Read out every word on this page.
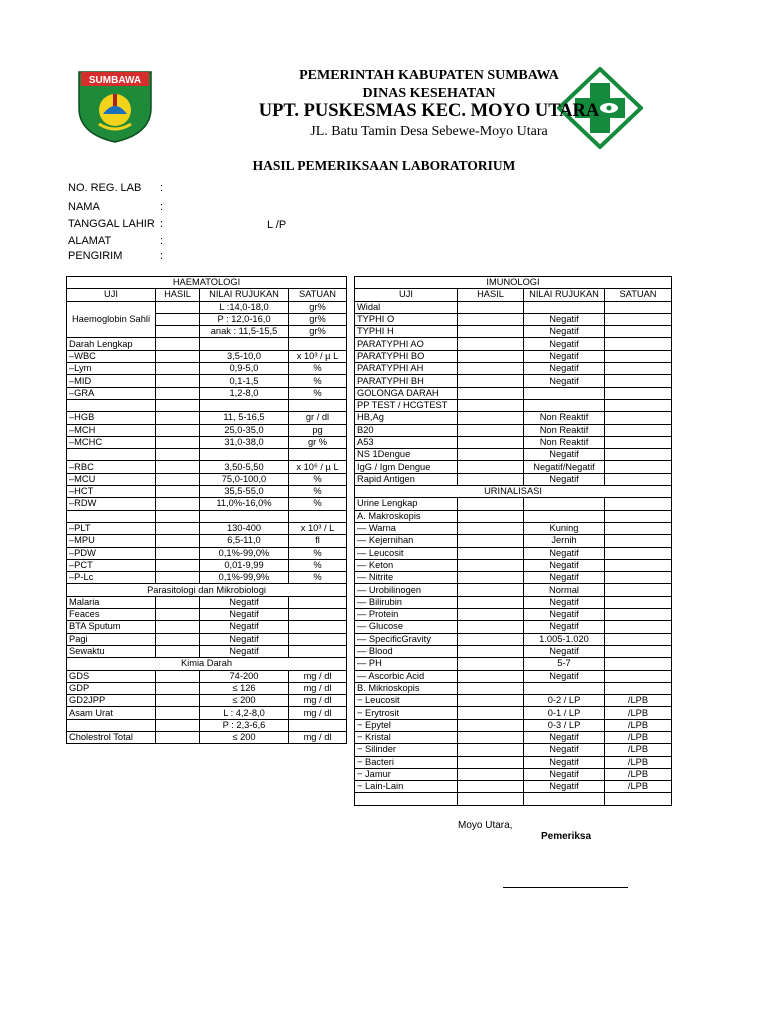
SUMBAWA	PEMERINTAH KABUPATEN SUMBAWA
DINAS KESEHATAN
UPT. PUSKESMAS KEC. MOYO UTARA
JL. Batu Tamin Desa Sebewe-Moyo Utara
HASIL PEMERIKSAAN LABORATORIUM
NO. REG. LAB :
NAMA	:
TANGGAL LAHIR :
ALAMAT	:
PENGIRIM	:
L /P
HAEMATOLOGI			
UJI	HASIL	NILAI RUJUKAN	SATUAN
Haemoglobin Sahli		L :14,0-18,0	gr%
		P : 12,0-16,0	gr%
		anak : 11,5-15,5	gr%
Darah Lengkap			
–WBC		3,5-10,0	x 10³ / µ L
–Lym		0,9-5,0	%
–MID		0,1-1,5	%
–GRA		1,2-8,0	%

–HGB		11, 5-16,5	gr / dl
–MCH		25,0-35,0	pg
–MCHC		31,0-38,0	gr %

–RBC		3,50-5,50	x 10⁶ / µ L
–MCU		75,0-100,0	%
–HCT		35,5-55,0	%
–RDW		11,0%-16,0%	%

–PLT		130-400	x 10³ / L
–MPU		6,5-11,0	fl
–PDW		0,1%-99,0%	%
–PCT		0,01-9,99	%
–P-Lc		0,1%-99,9%	%
Parasitologi dan Mikrobiologi			
Malaria		Negatif	
Feaces		Negatif	
BTA Sputum		Negatif	
Pagi		Negatif	
Sewaktu		Negatif	
Kimia Darah			
GDS		74-200	mg / dl
GDP		≤ 126	mg / dl
GD2JPP		≤ 200	mg / dl
Asam Urat		L : 4,2-8,0	mg / dl
		P : 2,3-6,6	
Cholestrol Total		≤ 200	mg / dl
IMUNOLOGI			
UJI	HASIL	NILAI RUJUKAN	SATUAN
Widal			
TYPHI O		Negatif	
TYPHI H		Negatif	
PARATYPHI AO		Negatif	
PARATYPHI BO		Negatif	
PARATYPHI AH		Negatif	
PARATYPHI BH		Negatif	
GOLONGA DARAH			
PP TEST / HCGTEST			
HB,Ag		Non Reaktif	
B20		Non Reaktif	
A53		Non Reaktif	
NS 1Dengue		Negatif	
IgG / Igm Dengue		Negatif/Negatif	
Rapid Antigen		Negatif	
URINALISASI			
Urine Lengkap			
A. Makroskopis			
— Warna		Kuning	
— Kejernihan		Jernih	
— Leucosit		Negatif	
— Keton		Negatif	
— Nitrite		Negatif	
— Urobilinogen		Normal	
— Bilirubin		Negatif	
— Protein		Negatif	
— Glucose		Negatif	
— SpecificGravity		1.005-1.020	
— Blood		Negatif	
— PH		5-7	
— Ascorbic Acid		Negatif	
B. Mikrioskopis			
− Leucosit		0-2 / LP	/LPB
− Erytrosit		0-1 / LP	/LPB
− Epytel		0-3 / LP	/LPB
− Kristal		Negatif	/LPB
− Silinder		Negatif	/LPB
− Bacteri		Negatif	/LPB
− Jamur		Negatif	/LPB
− Lain-Lain		Negatif	/LPB

Moyo Utara,
Pemeriksa
